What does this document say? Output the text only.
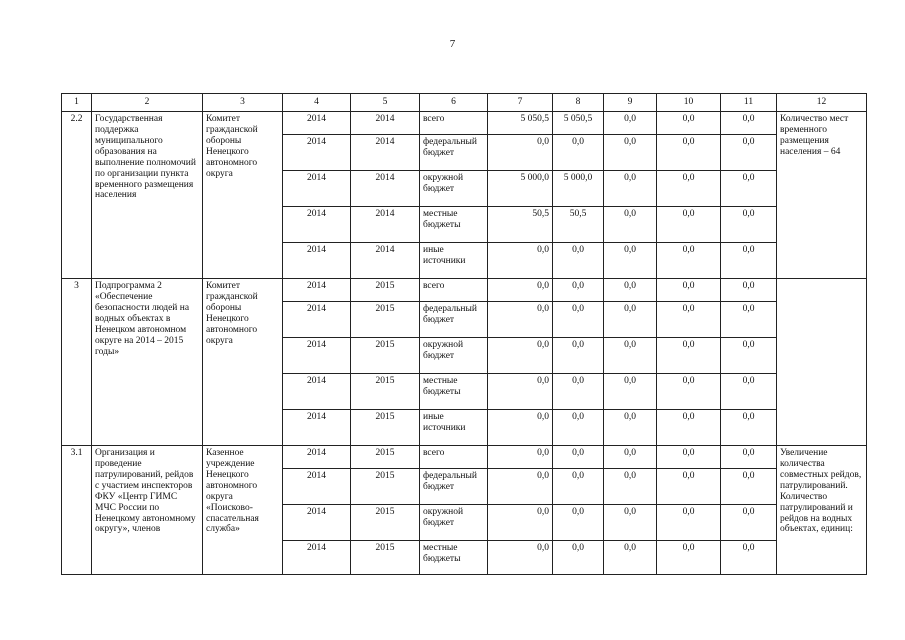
7
1	2	3	4	5	6	7	8	9	10	11	12
2.2	Государственная поддержка муниципального образования на выполнение полномочий по организации пункта временного размещения населения	Комитет гражданской обороны Ненецкого автономного округа	2014	2014	всего	5 050,5	5 050,5	0,0	0,0	0,0	Количество мест временного размещения населения – 64
			2014	2014	федеральный бюджет	0,0	0,0	0,0	0,0	0,0	
			2014	2014	окружной бюджет	5 000,0	5 000,0	0,0	0,0	0,0	
			2014	2014	местные бюджеты	50,5	50,5	0,0	0,0	0,0	
			2014	2014	иные источники	0,0	0,0	0,0	0,0	0,0	
3	Подпрограмма 2 «Обеспечение безопасности людей на водных объектах в Ненецком автономном округе на 2014 – 2015 годы»	Комитет гражданской обороны Ненецкого автономного округа	2014	2015	всего	0,0	0,0	0,0	0,0	0,0	
			2014	2015	федеральный бюджет	0,0	0,0	0,0	0,0	0,0	
			2014	2015	окружной бюджет	0,0	0,0	0,0	0,0	0,0	
			2014	2015	местные бюджеты	0,0	0,0	0,0	0,0	0,0	
			2014	2015	иные источники	0,0	0,0	0,0	0,0	0,0	
3.1	Организация и проведение патрулирований, рейдов с участием инспекторов ФКУ «Центр ГИМС МЧС России по Ненецкому автономному округу», членов	Казенное учреждение Ненецкого автономного округа «Поисково-спасательная служба»	2014	2015	всего	0,0	0,0	0,0	0,0	0,0	Увеличение количества совместных рейдов, патрулирований. Количество патрулирований и рейдов на водных объектах, единиц:
			2014	2015	федеральный бюджет	0,0	0,0	0,0	0,0	0,0	
			2014	2015	окружной бюджет	0,0	0,0	0,0	0,0	0,0	
			2014	2015	местные бюджеты	0,0	0,0	0,0	0,0	0,0	
